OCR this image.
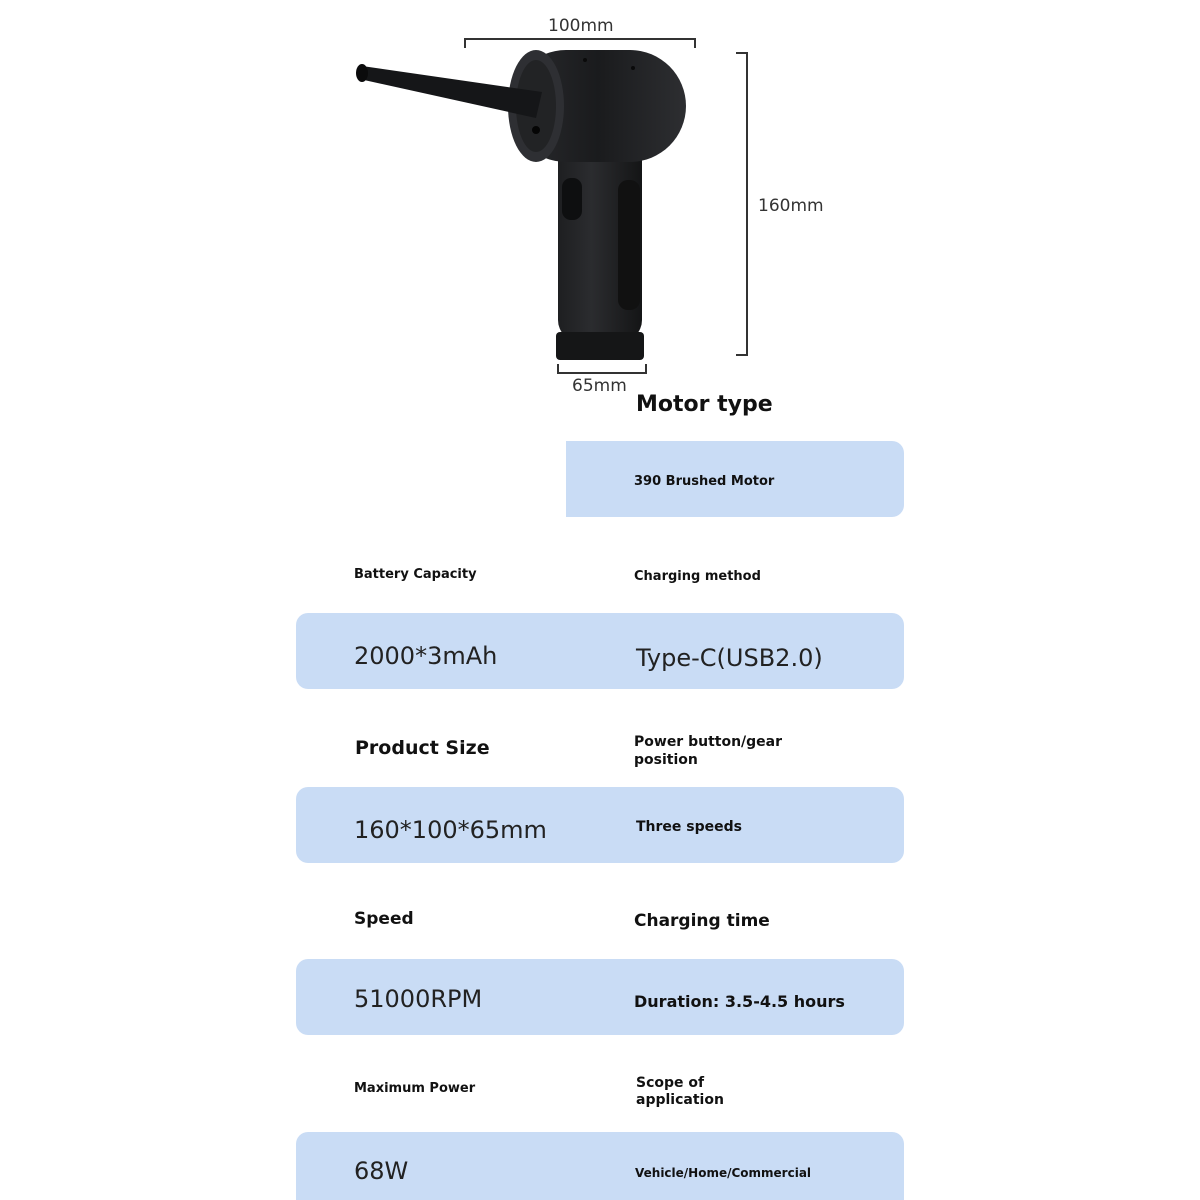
100mm
160mm
65mm
Motor type
390 Brushed Motor
Battery Capacity	Charging method
2000*3mAh	Type-C(USB2.0)
Product Size	Power button/gear position
160*100*65mm	Three speeds
Speed	Charging time
51000RPM	Duration: 3.5-4.5 hours
Maximum Power	Scope of application
68W	Vehicle/Home/Commercial
